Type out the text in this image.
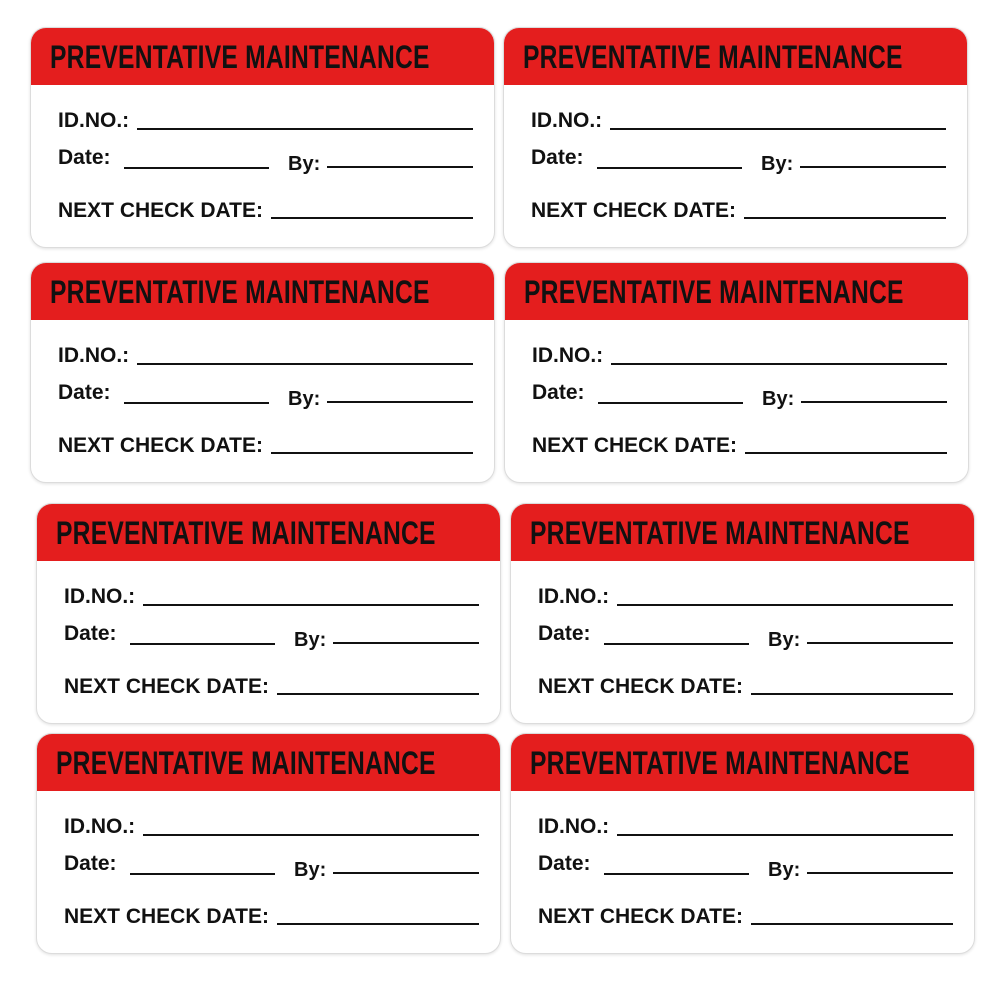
PREVENTATIVE MAINTENANCE
ID.NO.:
Date:	By:
NEXT CHECK DATE:
PREVENTATIVE MAINTENANCE
ID.NO.:
Date:	By:
NEXT CHECK DATE:
PREVENTATIVE MAINTENANCE
ID.NO.:
Date:	By:
NEXT CHECK DATE:
PREVENTATIVE MAINTENANCE
ID.NO.:
Date:	By:
NEXT CHECK DATE:
PREVENTATIVE MAINTENANCE
ID.NO.:
Date:	By:
NEXT CHECK DATE:
PREVENTATIVE MAINTENANCE
ID.NO.:
Date:	By:
NEXT CHECK DATE:
PREVENTATIVE MAINTENANCE
ID.NO.:
Date:	By:
NEXT CHECK DATE:
PREVENTATIVE MAINTENANCE
ID.NO.:
Date:	By:
NEXT CHECK DATE:
